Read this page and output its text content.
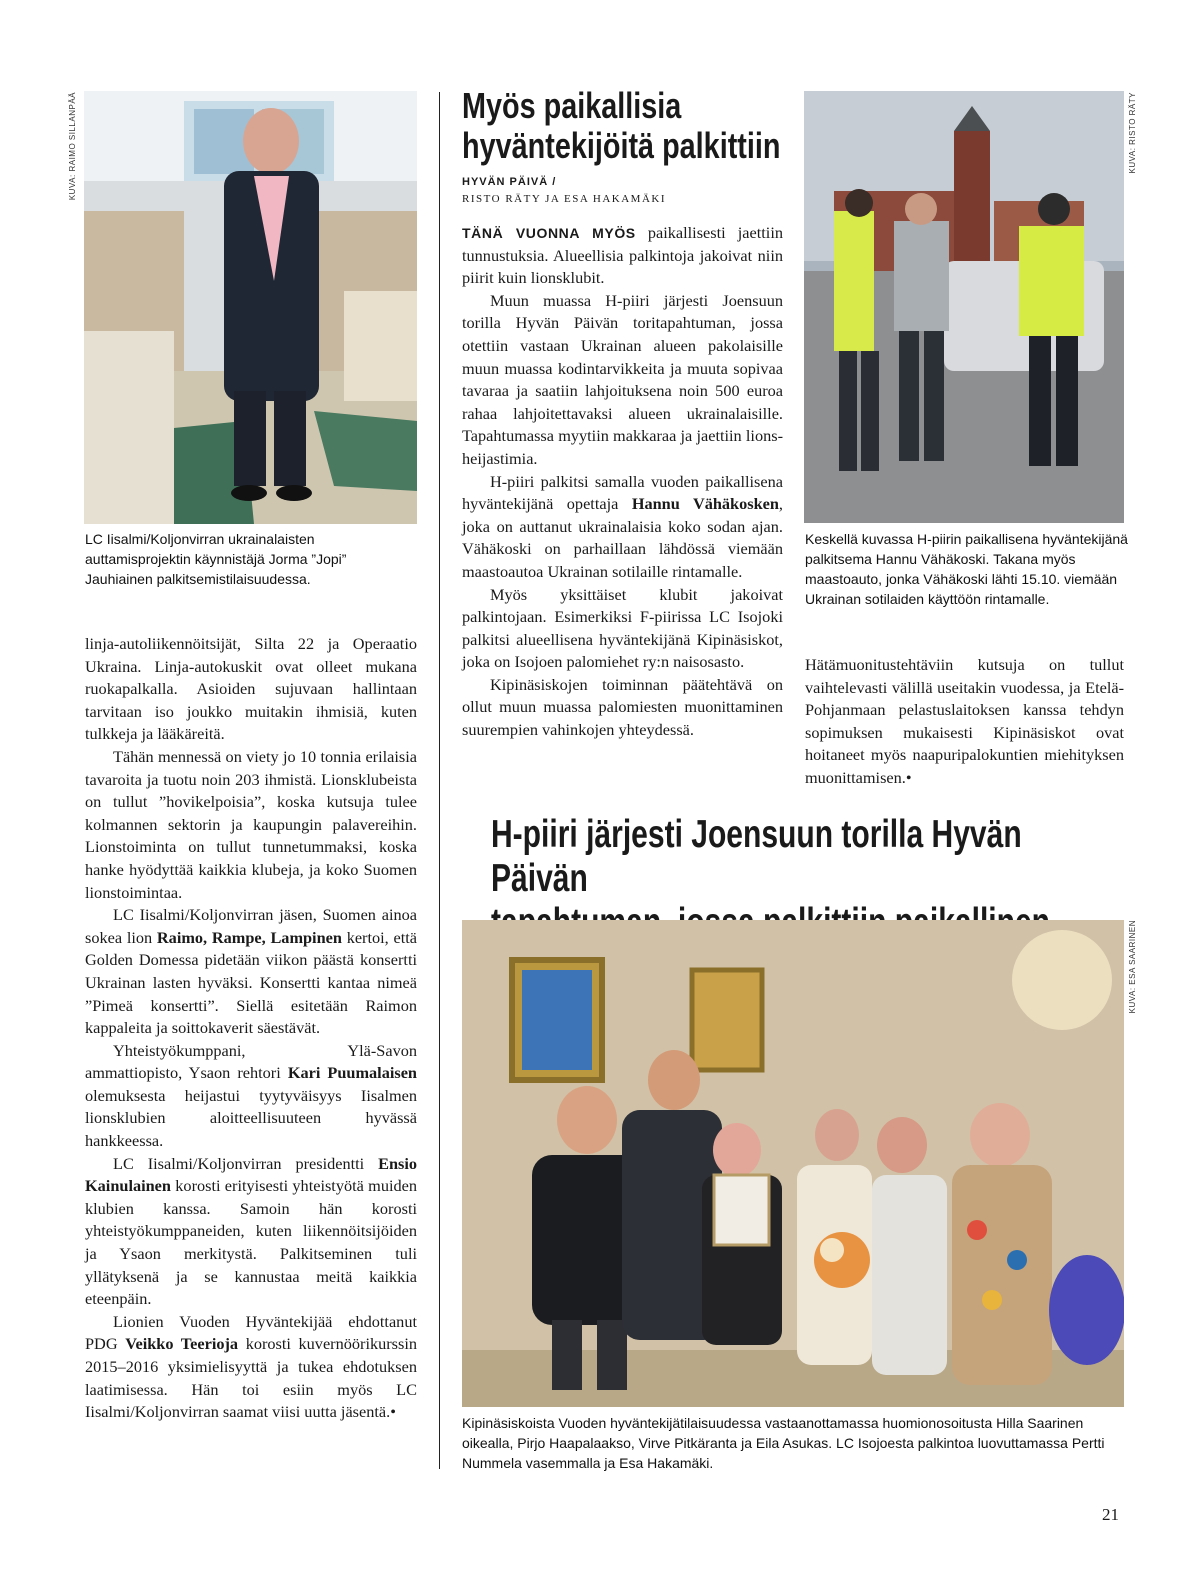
KUVA: RAIMO SILLANPÄÄ	KUVA: RISTO RÄTY
KUVA: ESA SAARINEN

LC Iisalmi/Koljonvirran ukrainalaisten auttamisprojektin käynnistäjä Jorma ”Jopi” Jauhiainen palkitsemistilaisuudessa.

linja-autoliikennöitsijät, Silta 22 ja Operaatio Ukraina. Linja-autokuskit ovat olleet mukana ruokapalkalla. Asioiden sujuvaan hallintaan tarvitaan iso joukko muitakin ihmisiä, kuten tulkkeja ja lääkäreitä.

Tähän mennessä on viety jo 10 tonnia erilaisia tavaroita ja tuotu noin 203 ihmistä. Lionsklubeista on tullut ”hovikelpoisia”, koska kutsuja tulee kolmannen sektorin ja kaupungin palavereihin. Lionstoiminta on tullut tunnetummaksi, koska hanke hyödyttää kaikkia klubeja, ja koko Suomen lionstoimintaa.

LC Iisalmi/Koljonvirran jäsen, Suomen ainoa sokea lion Raimo, Rampe, Lampinen kertoi, että Golden Domessa pidetään viikon päästä konsertti Ukrainan lasten hyväksi. Konsertti kantaa nimeä ”Pimeä konsertti”. Siellä esitetään Raimon kappaleita ja soittokaverit säestävät.

Yhteistyökumppani, Ylä-Savon ammattiopisto, Ysaon rehtori Kari Puumalaisen olemuksesta heijastui tyytyväisyys Iisalmen lionsklubien aloitteellisuuteen hyvässä hankkeessa.

LC Iisalmi/Koljonvirran presidentti Ensio Kainulainen korosti erityisesti yhteistyötä muiden klubien kanssa. Samoin hän korosti yhteistyökumppaneiden, kuten liikennöitsijöiden ja Ysaon merkitystä. Palkitseminen tuli yllätyksenä ja se kannustaa meitä kaikkia eteenpäin.

Lionien Vuoden Hyväntekijää ehdottanut PDG Veikko Teerioja korosti kuvernöörikurssin 2015–2016 yksimielisyyttä ja tukea ehdotuksen laatimisessa. Hän toi esiin myös LC Iisalmi/Koljonvirran saamat viisi uutta jäsentä.•

Myös paikallisia
hyväntekijöitä palkittiin
HYVÄN PÄIVÄ /
RISTO RÄTY JA ESA HAKAMÄKI

TÄNÄ VUONNA MYÖS paikallisesti jaettiin tunnustuksia. Alueellisia palkintoja jakoivat niin piirit kuin lionsklubit.

Muun muassa H-piiri järjesti Joensuun torilla Hyvän Päivän toritapahtuman, jossa otettiin vastaan Ukrainan alueen pakolaisille muun muassa kodintarvikkeita ja muuta sopivaa tavaraa ja saatiin lahjoituksena noin 500 euroa rahaa lahjoitettavaksi alueen ukrainalaisille. Tapahtumassa myytiin makkaraa ja jaettiin lions-heijastimia.

H-piiri palkitsi samalla vuoden paikallisena hyväntekijänä opettaja Hannu Vähäkosken, joka on auttanut ukrainalaisia koko sodan ajan. Vähäkoski on parhaillaan lähdössä viemään maastoautoa Ukrainan sotilaille rintamalle.

Myös yksittäiset klubit jakoivat palkintojaan. Esimerkiksi F-piirissa LC Isojoki palkitsi alueellisena hyväntekijänä Kipinäsiskot, joka on Isojoen palomiehet ry:n naisosasto.

Kipinäsiskojen toiminnan päätehtävä on ollut muun muassa palomiesten muonittaminen suurempien vahinkojen yhteydessä.

Keskellä kuvassa H-piirin paikallisena hyväntekijänä palkitsema Hannu Vähäkoski. Takana myös maastoauto, jonka Vähäkoski lähti 15.10. viemään Ukrainan sotilaiden käyttöön rintamalle.

Hätämuonitustehtäviin kutsuja on tullut vaihtelevasti välillä useitakin vuodessa, ja Etelä-Pohjanmaan pelastuslaitoksen kanssa tehdyn sopimuksen mukaisesti Kipinäsiskot ovat hoitaneet myös naapuripalokuntien miehityksen muonittamisen.•

H-piiri järjesti Joensuun torilla Hyvän Päivän

Kipinäsiskoista Vuoden hyväntekijätilaisuudessa vastaanottamassa huomionosoitusta Hilla Saarinen oikealla, Pirjo Haapalaakso, Virve Pitkäranta ja Eila Asukas. LC Isojoesta palkintoa luovuttamassa Pertti Nummela vasemmalla ja Esa Hakamäki.

21
